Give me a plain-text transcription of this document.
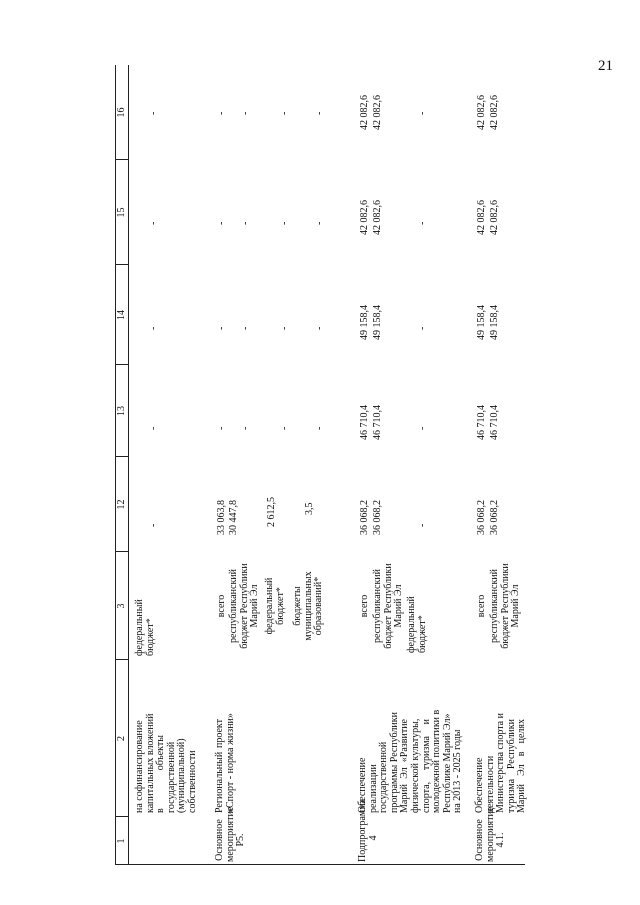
21
1
2
3
12
13
14
15
16
на софинансирование капитальных вложений в объекты государственной (муниципальной) собственности
федеральный бюджет*
-
-
-
-
-
Основное мероприятие P5.
Региональный проект «Спорт - норма жизни»
всего
33 063,8
-
-
-
-
республиканский бюджет Республики Марий Эл
30 447,8
-
-
-
-
федеральный бюджет*
2 612,5
-
-
-
-
бюджеты муниципальных образований*
3,5
-
-
-
-
Подпрограмма 4
Обеспечение реализации государственной программы Республики Марий Эл «Развитие физической культуры, спорта, туризма и молодежной политики в Республике Марий Эл» на 2013 - 2025 годы
всего
36 068,2
46 710,4
49 158,4
42 082,6
42 082,6
республиканский бюджет Республики Марий Эл
36 068,2
46 710,4
49 158,4
42 082,6
42 082,6
федеральный бюджет*
-
-
-
-
-
Основное мероприятие 4.1.
Обеспечение деятельности Министерства спорта и туризма Республики Марий Эл в целях
всего
36 068,2
46 710,4
49 158,4
42 082,6
42 082,6
республиканский бюджет Республики Марий Эл
36 068,2
46 710,4
49 158,4
42 082,6
42 082,6
